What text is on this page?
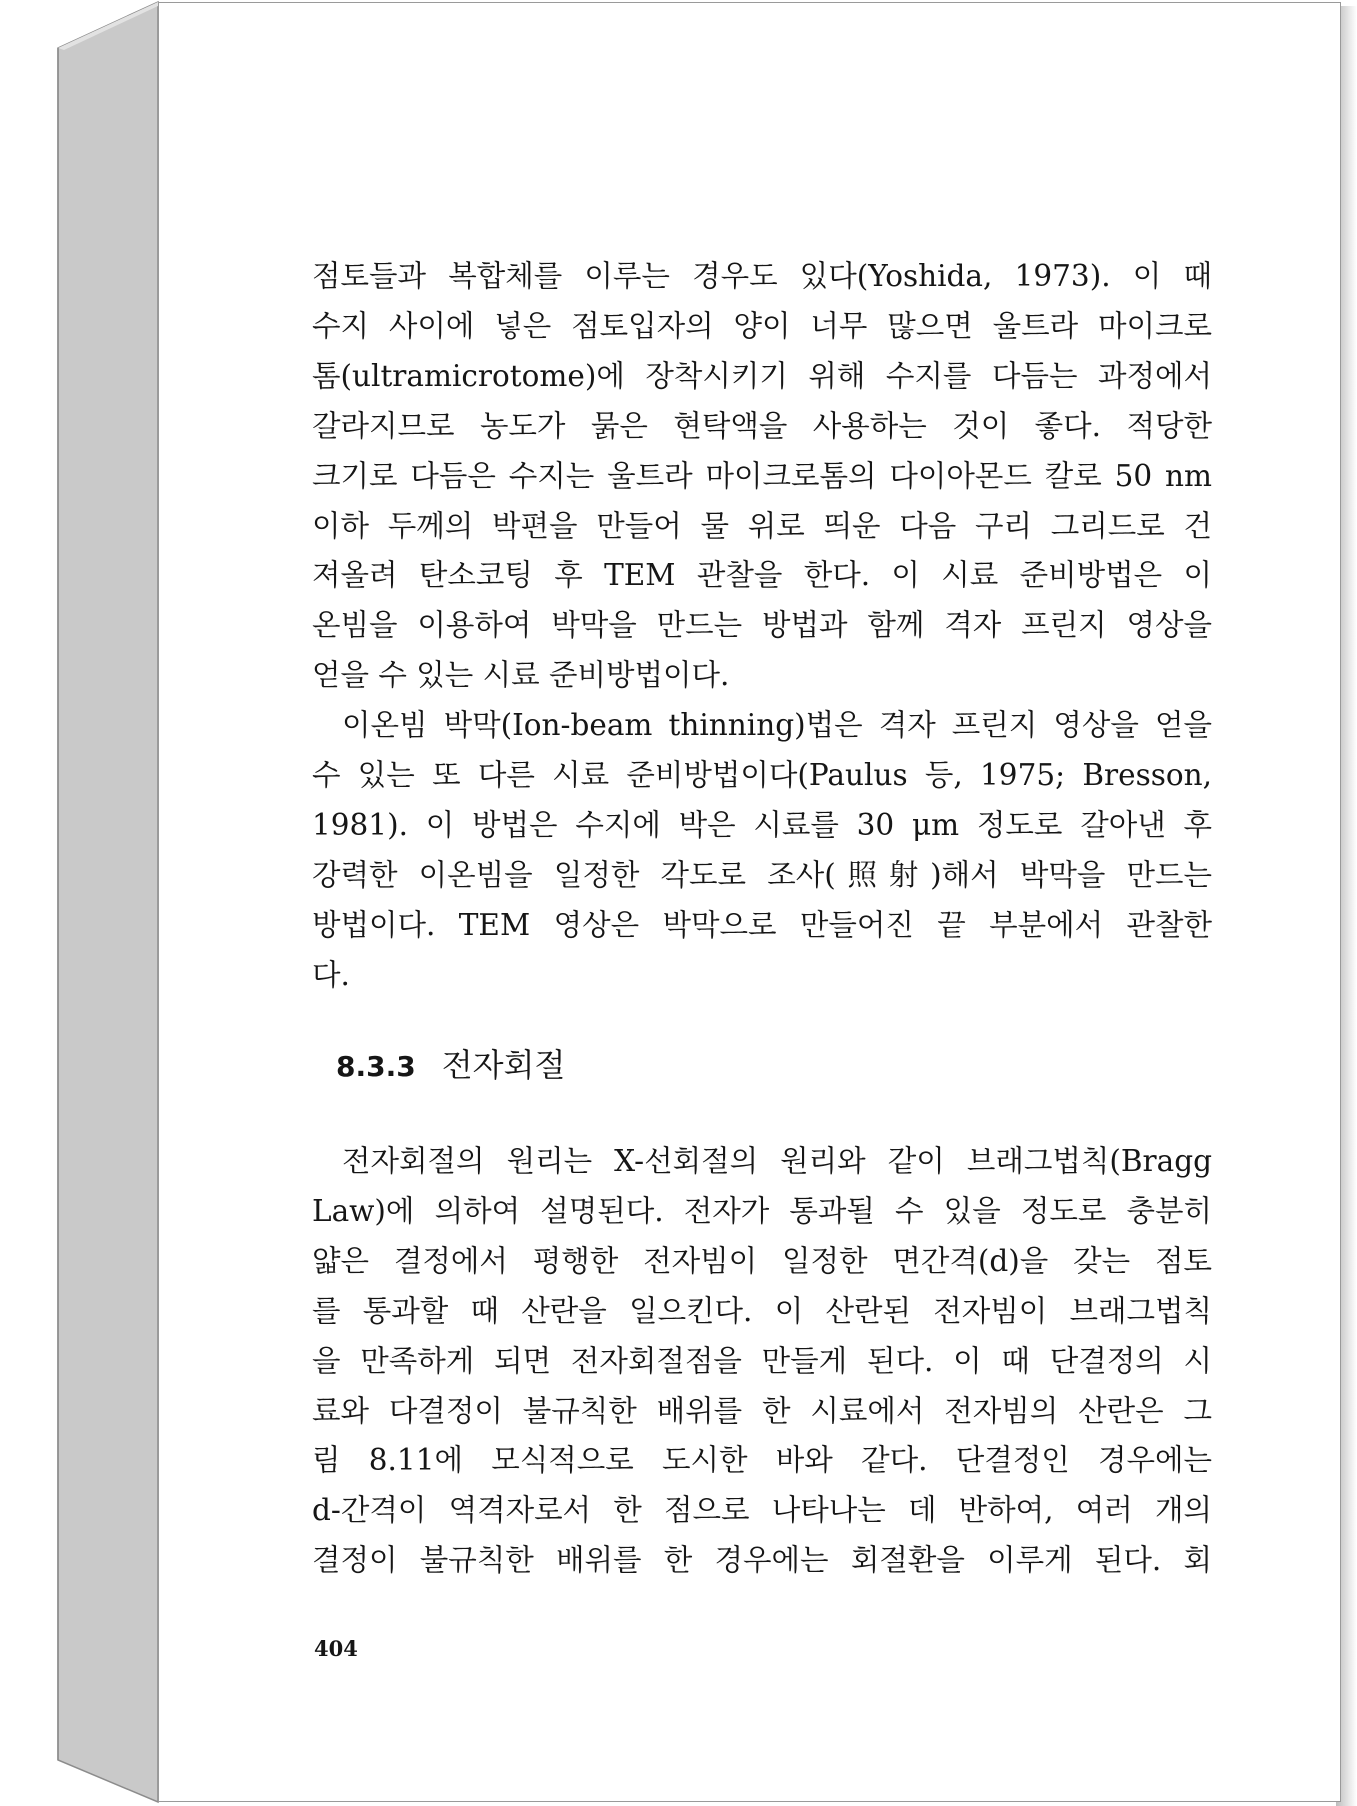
점토들과 복합체를 이루는 경우도 있다(Yoshida, 1973). 이 때
수지 사이에 넣은 점토입자의 양이 너무 많으면 울트라 마이크로
톰(ultramicrotome)에 장착시키기 위해 수지를 다듬는 과정에서
갈라지므로 농도가 묽은 현탁액을 사용하는 것이 좋다. 적당한
크기로 다듬은 수지는 울트라 마이크로톰의 다이아몬드 칼로 50 nm
이하 두께의 박편을 만들어 물 위로 띄운 다음 구리 그리드로 건
져올려 탄소코팅 후 TEM 관찰을 한다. 이 시료 준비방법은 이
온빔을 이용하여 박막을 만드는 방법과 함께 격자 프린지 영상을
얻을 수 있는 시료 준비방법이다.
이온빔 박막(Ion-beam thinning)법은 격자 프린지 영상을 얻을
수 있는 또 다른 시료 준비방법이다(Paulus 등, 1975; Bresson,
1981). 이 방법은 수지에 박은 시료를 30 μm 정도로 갈아낸 후
강력한 이온빔을 일정한 각도로 조사(照射)해서 박막을 만드는
방법이다. TEM 영상은 박막으로 만들어진 끝 부분에서 관찰한
다.
8.3.3 전자회절
전자회절의 원리는 X-선회절의 원리와 같이 브래그법칙(Bragg
Law)에 의하여 설명된다. 전자가 통과될 수 있을 정도로 충분히
얇은 결정에서 평행한 전자빔이 일정한 면간격(d)을 갖는 점토
를 통과할 때 산란을 일으킨다. 이 산란된 전자빔이 브래그법칙
을 만족하게 되면 전자회절점을 만들게 된다. 이 때 단결정의 시
료와 다결정이 불규칙한 배위를 한 시료에서 전자빔의 산란은 그
림 8.11에 모식적으로 도시한 바와 같다. 단결정인 경우에는
d-간격이 역격자로서 한 점으로 나타나는 데 반하여, 여러 개의
결정이 불규칙한 배위를 한 경우에는 회절환을 이루게 된다. 회
404
